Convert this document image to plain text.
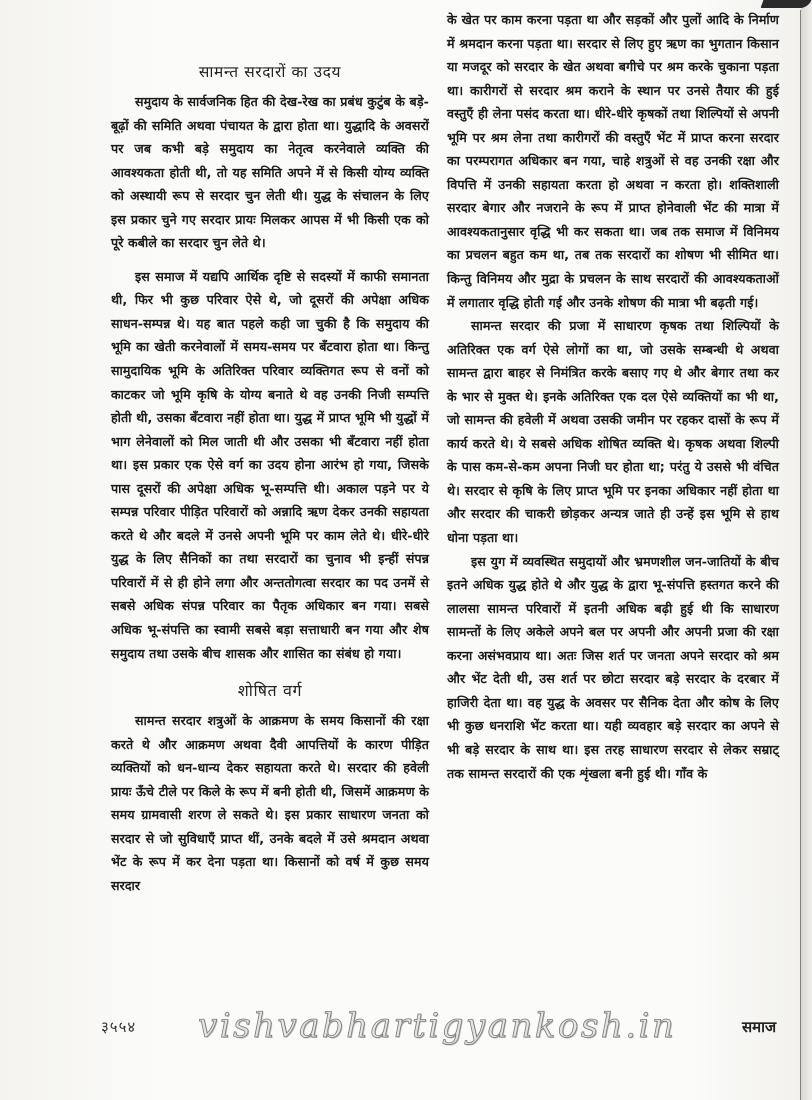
सामन्त सरदारों का उदय

समुदाय के सार्वजनिक हित की देख-रेख का प्रबंध कुटुंब के बड़े-बूढ़ों की समिति अथवा पंचायत के द्वारा होता था। युद्धादि के अवसरों पर जब कभी बड़े समुदाय का नेतृत्व करनेवाले व्यक्ति की आवश्यकता होती थी, तो यह समिति अपने में से किसी योग्य व्यक्ति को अस्थायी रूप से सरदार चुन लेती थी। युद्ध के संचालन के लिए इस प्रकार चुने गए सरदार प्रायः मिलकर आपस में भी किसी एक को पूरे कबीले का सरदार चुन लेते थे।

इस समाज में यद्यपि आर्थिक दृष्टि से सदस्यों में काफी समानता थी, फिर भी कुछ परिवार ऐसे थे, जो दूसरों की अपेक्षा अधिक साधन-सम्पन्न थे। यह बात पहले कही जा चुकी है कि समुदाय की भूमि का खेती करनेवालों में समय-समय पर बँटवारा होता था। किन्तु सामुदायिक भूमि के अतिरिक्त परिवार व्यक्तिगत रूप से वनों को काटकर जो भूमि कृषि के योग्य बनाते थे वह उनकी निजी सम्पत्ति होती थी, उसका बँटवारा नहीं होता था। युद्ध में प्राप्त भूमि भी युद्धों में भाग लेनेवालों को मिल जाती थी और उसका भी बँटवारा नहीं होता था। इस प्रकार एक ऐसे वर्ग का उदय होना आरंभ हो गया, जिसके पास दूसरों की अपेक्षा अधिक भू-सम्पत्ति थी। अकाल पड़ने पर ये सम्पन्न परिवार पीड़ित परिवारों को अन्नादि ऋण देकर उनकी सहायता करते थे और बदले में उनसे अपनी भूमि पर काम लेते थे। धीरे-धीरे युद्ध के लिए सैनिकों का तथा सरदारों का चुनाव भी इन्हीं संपन्न परिवारों में से ही होने लगा और अन्ततोगत्वा सरदार का पद उनमें से सबसे अधिक संपन्न परिवार का पैतृक अधिकार बन गया। सबसे अधिक भू-संपत्ति का स्वामी सबसे बड़ा सत्ताधारी बन गया और शेष समुदाय तथा उसके बीच शासक और शासित का संबंध हो गया।

शोषित वर्ग

सामन्त सरदार शत्रुओं के आक्रमण के समय किसानों की रक्षा करते थे और आक्रमण अथवा दैवी आपत्तियों के कारण पीड़ित व्यक्तियों को धन-धान्य देकर सहायता करते थे। सरदार की हवेली प्रायः ऊँचे टीले पर किले के रूप में बनी होती थी, जिसमें आक्रमण के समय ग्रामवासी शरण ले सकते थे। इस प्रकार साधारण जनता को सरदार से जो सुविधाएँ प्राप्त थीं, उनके बदले में उसे श्रमदान अथवा भेंट के रूप में कर देना पड़ता था। किसानों को वर्ष में कुछ समय सरदार

के खेत पर काम करना पड़ता था और सड़कों और पुलों आदि के निर्माण में श्रमदान करना पड़ता था। सरदार से लिए हुए ऋण का भुगतान किसान या मजदूर को सरदार के खेत अथवा बगीचे पर श्रम करके चुकाना पड़ता था। कारीगरों से सरदार श्रम कराने के स्थान पर उनसे तैयार की हुई वस्तुएँ ही लेना पसंद करता था। धीरे-धीरे कृषकों तथा शिल्पियों से अपनी भूमि पर श्रम लेना तथा कारीगरों की वस्तुएँ भेंट में प्राप्त करना सरदार का परम्परागत अधिकार बन गया, चाहे शत्रुओं से वह उनकी रक्षा और विपत्ति में उनकी सहायता करता हो अथवा न करता हो। शक्तिशाली सरदार बेगार और नजराने के रूप में प्राप्त होनेवाली भेंट की मात्रा में आवश्यकतानुसार वृद्धि भी कर सकता था। जब तक समाज में विनिमय का प्रचलन बहुत कम था, तब तक सरदारों का शोषण भी सीमित था। किन्तु विनिमय और मुद्रा के प्रचलन के साथ सरदारों की आवश्यकताओं में लगातार वृद्धि होती गई और उनके शोषण की मात्रा भी बढ़ती गई।

सामन्त सरदार की प्रजा में साधारण कृषक तथा शिल्पियों के अतिरिक्त एक वर्ग ऐसे लोगों का था, जो उसके सम्बन्धी थे अथवा सामन्त द्वारा बाहर से निमंत्रित करके बसाए गए थे और बेगार तथा कर के भार से मुक्त थे। इनके अतिरिक्त एक दल ऐसे व्यक्तियों का भी था, जो सामन्त की हवेली में अथवा उसकी जमीन पर रहकर दासों के रूप में कार्य करते थे। ये सबसे अधिक शोषित व्यक्ति थे। कृषक अथवा शिल्पी के पास कम-से-कम अपना निजी घर होता था; परंतु ये उससे भी वंचित थे। सरदार से कृषि के लिए प्राप्त भूमि पर इनका अधिकार नहीं होता था और सरदार की चाकरी छोड़कर अन्यत्र जाते ही उन्हें इस भूमि से हाथ धोना पड़ता था।

इस युग में व्यवस्थित समुदायों और भ्रमणशील जन-जातियों के बीच इतने अधिक युद्ध होते थे और युद्ध के द्वारा भू-संपत्ति हस्तगत करने की लालसा सामन्त परिवारों में इतनी अधिक बढ़ी हुई थी कि साधारण सामन्तों के लिए अकेले अपने बल पर अपनी और अपनी प्रजा की रक्षा करना असंभवप्राय था। अतः जिस शर्त पर जनता अपने सरदार को श्रम और भेंट देती थी, उस शर्त पर छोटा सरदार बड़े सरदार के दरबार में हाजिरी देता था। वह युद्ध के अवसर पर सैनिक देता और कोष के लिए भी कुछ धनराशि भेंट करता था। यही व्यवहार बड़े सरदार का अपने से भी बड़े सरदार के साथ था। इस तरह साधारण सरदार से लेकर सम्राट् तक सामन्त सरदारों की एक शृंखला बनी हुई थी। गाँव के

३५५४ vishvabhartigyankosh.in	समाज
